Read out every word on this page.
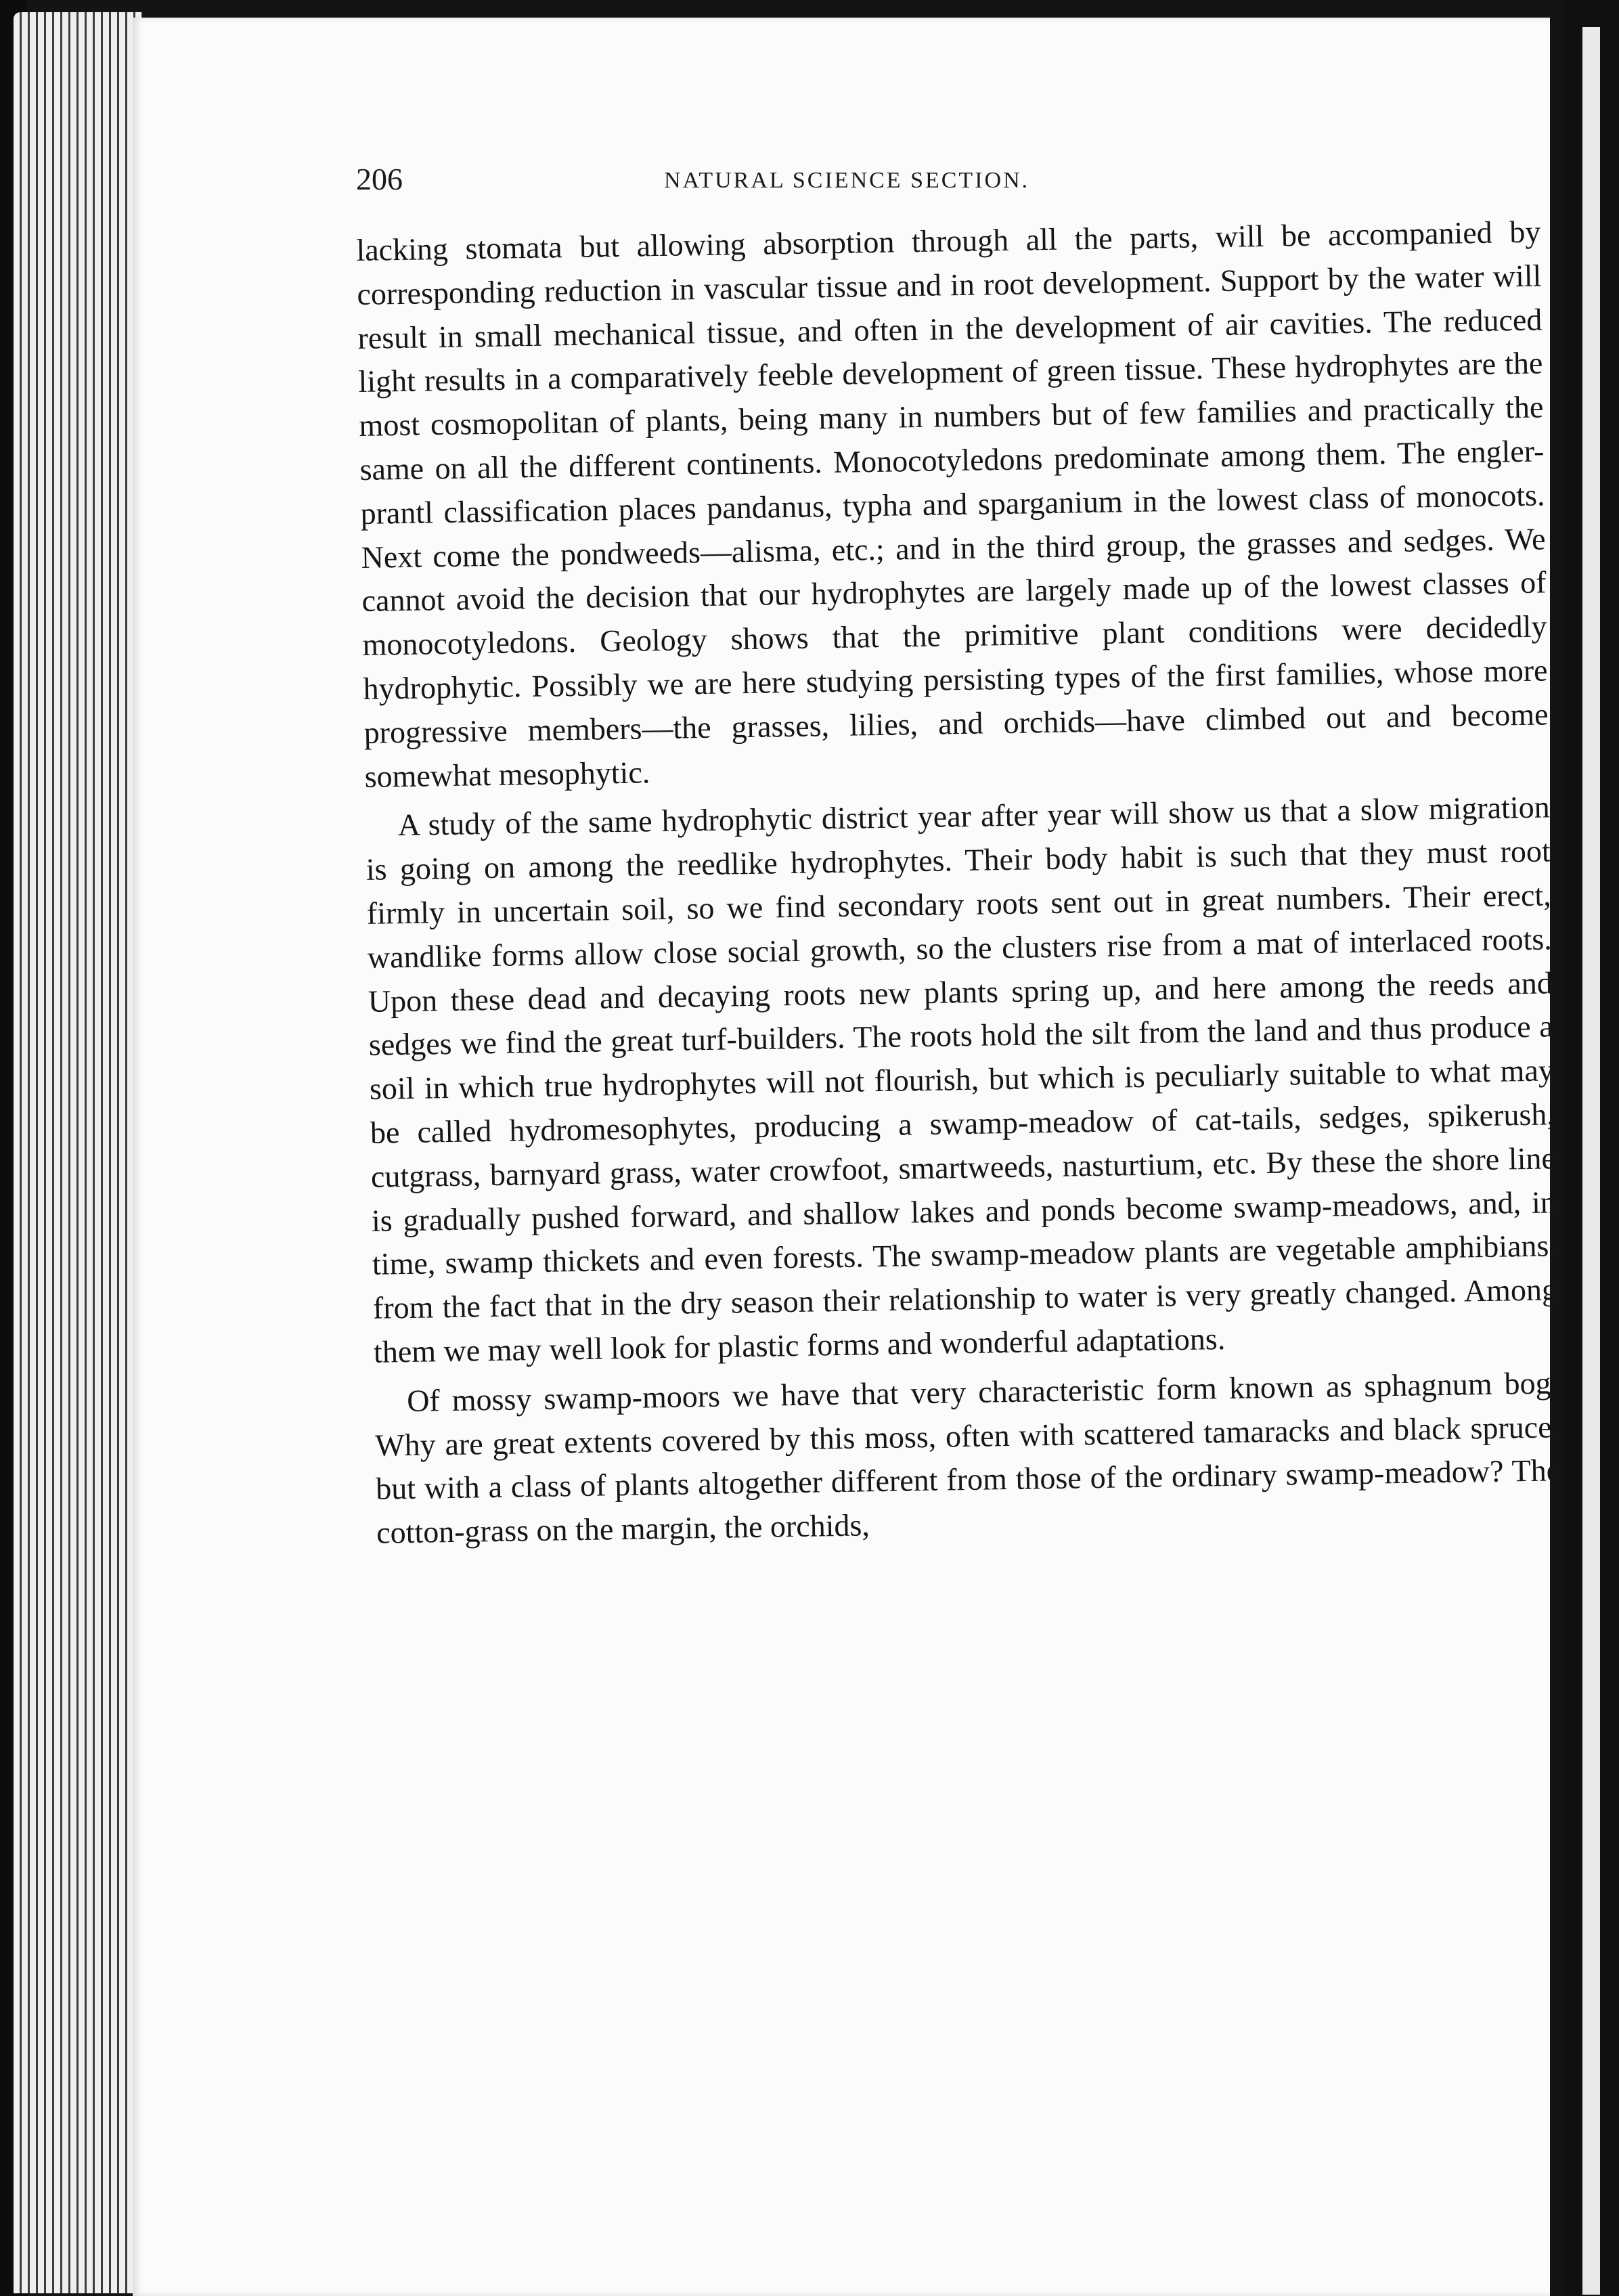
206	NATURAL SCIENCE SECTION.

lacking stomata but allowing absorption through all the parts, will be accompanied by corresponding reduction in vascular tissue and in root development. Support by the water will result in small mechanical tissue, and often in the development of air cavities. The reduced light results in a comparatively feeble development of green tissue. These hydrophytes are the most cosmopolitan of plants, being many in numbers but of few families and practically the same on all the different continents. Monocotyledons predominate among them. The engler-prantl classification places pandanus, typha and sparganium in the lowest class of monocots. Next come the pondweeds—alisma, etc.; and in the third group, the grasses and sedges. We cannot avoid the decision that our hydrophytes are largely made up of the lowest classes of monocotyledons. Geology shows that the primitive plant conditions were decidedly hydrophytic. Possibly we are here studying persisting types of the first families, whose more progressive members—the grasses, lilies, and orchids—have climbed out and become somewhat mesophytic.

A study of the same hydrophytic district year after year will show us that a slow migration is going on among the reedlike hydrophytes. Their body habit is such that they must root firmly in uncertain soil, so we find secondary roots sent out in great numbers. Their erect, wandlike forms allow close social growth, so the clusters rise from a mat of interlaced roots. Upon these dead and decaying roots new plants spring up, and here among the reeds and sedges we find the great turf-builders. The roots hold the silt from the land and thus produce a soil in which true hydrophytes will not flourish, but which is peculiarly suitable to what may be called hydromesophytes, producing a swamp-meadow of cat-tails, sedges, spikerush, cutgrass, barnyard grass, water crowfoot, smartweeds, nasturtium, etc. By these the shore line is gradually pushed forward, and shallow lakes and ponds become swamp-meadows, and, in time, swamp thickets and even forests. The swamp-meadow plants are vegetable amphibians, from the fact that in the dry season their relationship to water is very greatly changed. Among them we may well look for plastic forms and wonderful adaptations.

Of mossy swamp-moors we have that very characteristic form known as sphagnum bog. Why are great extents covered by this moss, often with scattered tamaracks and black spruce, but with a class of plants altogether different from those of the ordinary swamp-meadow? The cotton-grass on the margin, the orchids,
